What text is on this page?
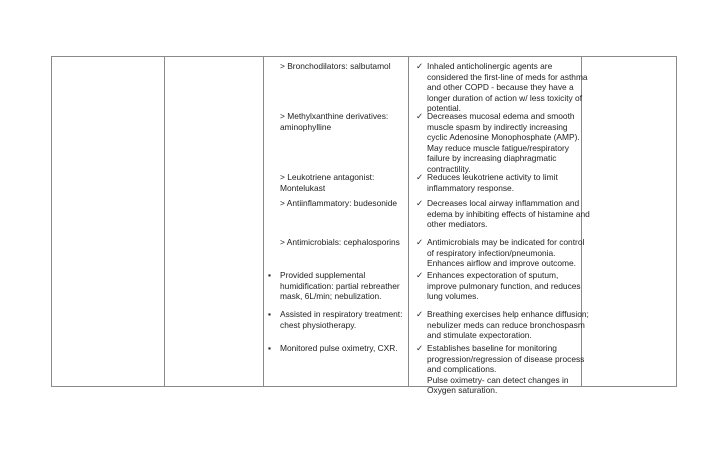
> Bronchodilators: salbutamol
> Methylxanthine derivatives: aminophylline
> Leukotriene antagonist: Montelukast
> Antiinflammatory: budesonide
> Antimicrobials: cephalosporins
▪ Provided supplemental humidification: partial rebreather mask, 6L/min; nebulization.
▪ Assisted in respiratory treatment: chest physiotherapy.
▪ Monitored pulse oximetry, CXR.
✓ Inhaled anticholinergic agents are considered the first-line of meds for asthma and other COPD - because they have a longer duration of action w/ less toxicity of potential.
✓ Decreases mucosal edema and smooth muscle spasm by indirectly increasing cyclic Adenosine Monophosphate (AMP). May reduce muscle fatigue/respiratory failure by increasing diaphragmatic contractility.
✓ Reduces leukotriene activity to limit inflammatory response.
✓ Decreases local airway inflammation and edema by inhibiting effects of histamine and other mediators.
✓ Antimicrobials may be indicated for control of respiratory infection/pneumonia. Enhances airflow and improve outcome.
✓ Enhances expectoration of sputum, improve pulmonary function, and reduces lung volumes.
✓ Breathing exercises help enhance diffusion; nebulizer meds can reduce bronchospasm and stimulate expectoration.
✓ Establishes baseline for monitoring progression/regression of disease process and complications.
Pulse oximetry- can detect changes in Oxygen saturation.
